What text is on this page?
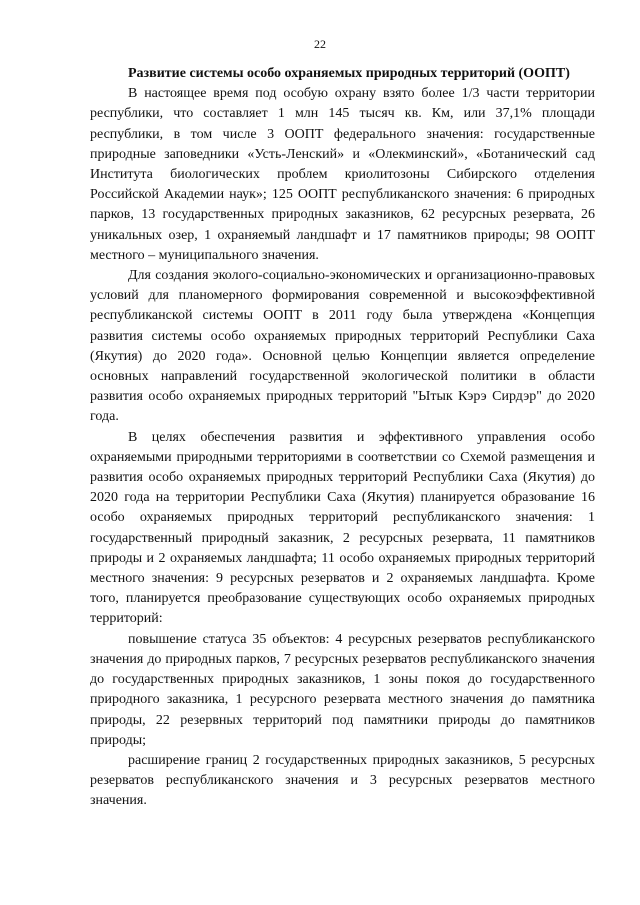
22

Развитие системы особо охраняемых природных территорий (ООПТ)

В настоящее время под особую охрану взято более 1/3 части территории республики, что составляет 1 млн 145 тысяч кв. Км, или 37,1% площади республики, в том числе 3 ООПТ федерального значения: государственные природные заповедники «Усть-Ленский» и «Олекминский», «Ботанический сад Института биологических проблем криолитозоны Сибирского отделения Российской Академии наук»; 125 ООПТ республиканского значения: 6 природных парков, 13 государственных природных заказников, 62 ресурсных резервата, 26 уникальных озер, 1 охраняемый ландшафт и 17 памятников природы; 98 ООПТ местного – муниципального значения.

Для создания эколого-социально-экономических и организационно-правовых условий для планомерного формирования современной и высокоэффективной республиканской системы ООПТ в 2011 году была утверждена «Концепция развития системы особо охраняемых природных территорий Республики Саха (Якутия) до 2020 года». Основной целью Концепции является определение основных направлений государственной экологической политики в области развития особо охраняемых природных территорий "Ытык Кэрэ Сирдэр" до 2020 года.

В целях обеспечения развития и эффективного управления особо охраняемыми природными территориями в соответствии со Схемой размещения и развития особо охраняемых природных территорий Республики Саха (Якутия) до 2020 года на территории Республики Саха (Якутия) планируется образование 16 особо охраняемых природных территорий республиканского значения: 1 государственный природный заказник, 2 ресурсных резервата, 11 памятников природы и 2 охраняемых ландшафта; 11 особо охраняемых природных территорий местного значения: 9 ресурсных резерватов и 2 охраняемых ландшафта. Кроме того, планируется преобразование существующих особо охраняемых природных территорий:

повышение статуса 35 объектов: 4 ресурсных резерватов республиканского значения до природных парков, 7 ресурсных резерватов республиканского значения до государственных природных заказников, 1 зоны покоя до государственного природного заказника, 1 ресурсного резервата местного значения до памятника природы, 22 резервных территорий под памятники природы до памятников природы;

расширение границ 2 государственных природных заказников, 5 ресурсных резерватов республиканского значения и 3 ресурсных резерватов местного значения.
